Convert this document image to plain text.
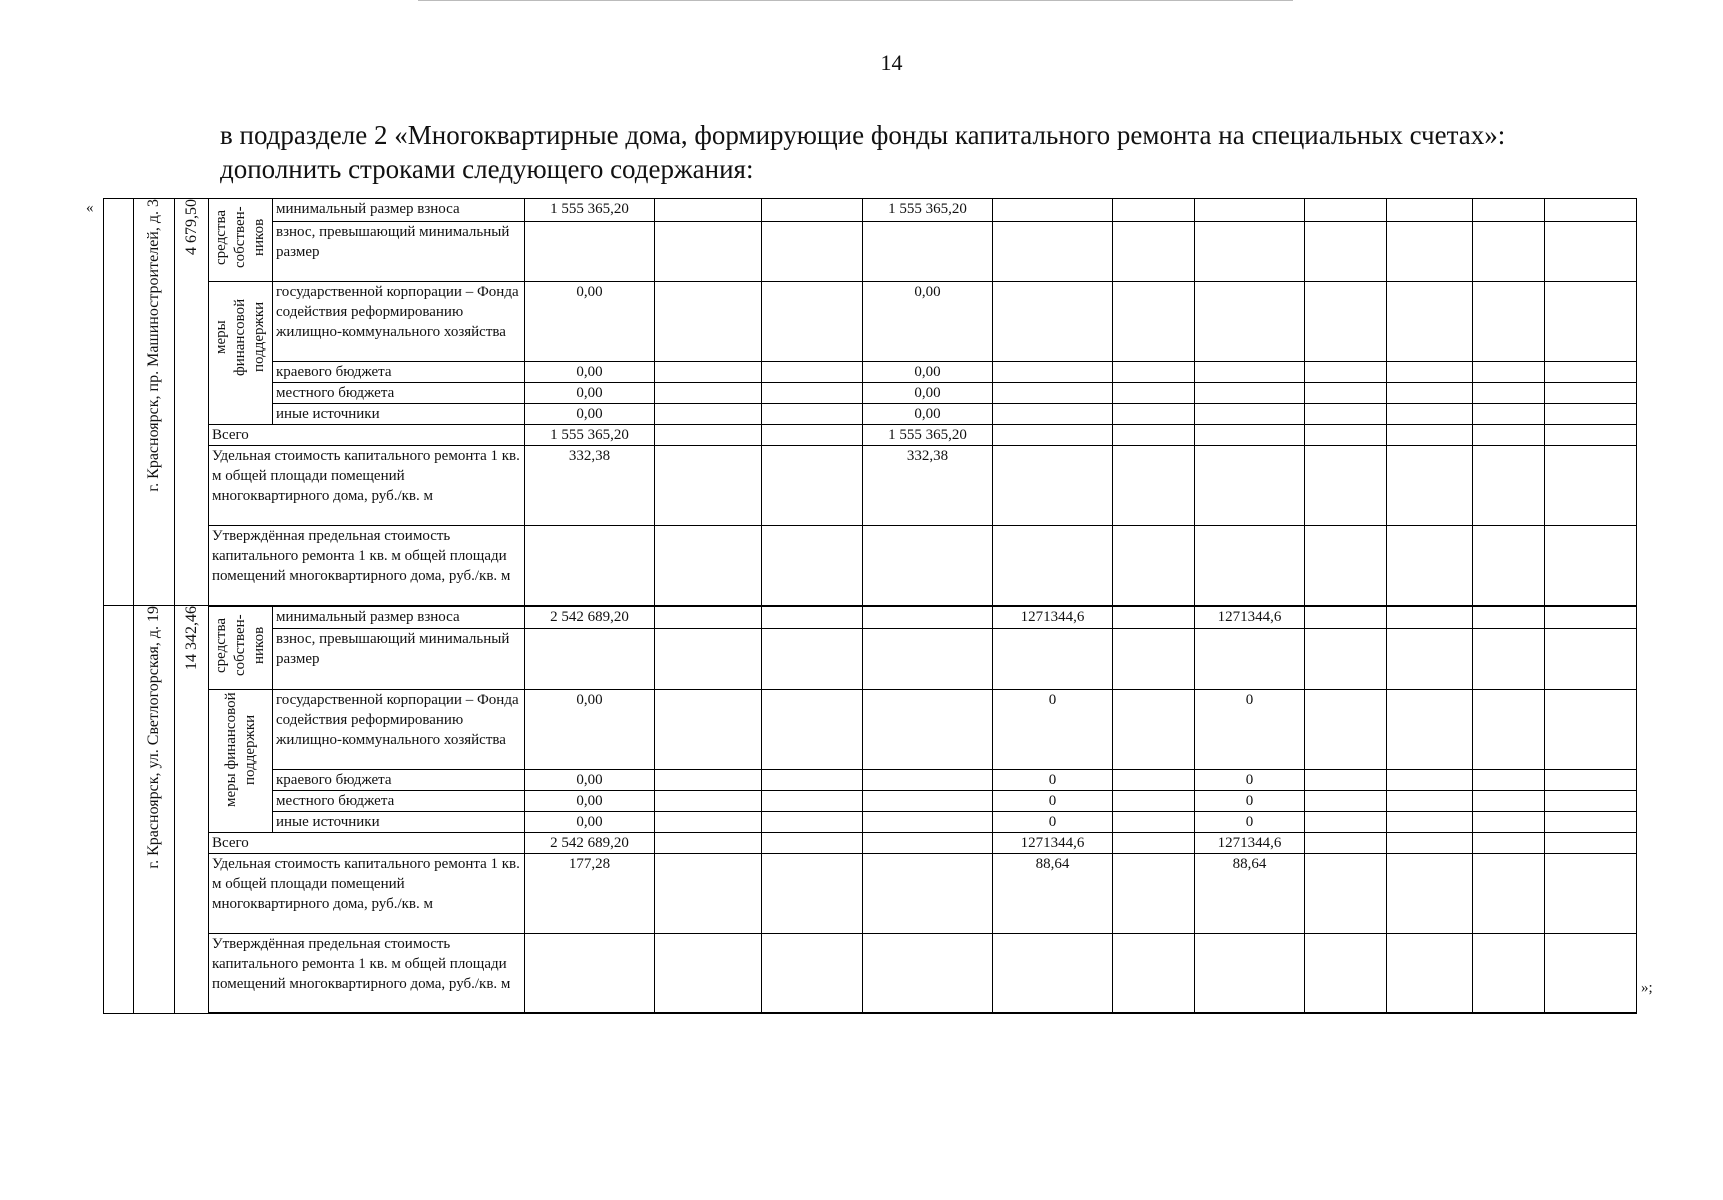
14
в подразделе 2 «Многоквартирные дома, формирующие фонды капитального ремонта на специальных счетах»:
дополнить строками следующего содержания:
«
		г. Красноярск, пр. Машиностроителей, д. 3	4 679,50	средства собствен-ников	минимальный размер взноса	1 555 365,20			1 555 365,20							
				взнос, превышающий минимальный размер											
			меры финансовой поддержки	государственной корпорации – Фонда содействия реформированию жилищно-коммунального хозяйства	0,00			0,00							
				краевого бюджета	0,00			0,00							
				местного бюджета	0,00			0,00							
				иные источники	0,00			0,00							
			Всего		1 555 365,20			1 555 365,20							
			Удельная стоимость капитального ремонта 1 кв. м общей площади помещений многоквартирного дома, руб./кв. м		332,38			332,38							
			Утверждённая предельная стоимость капитального ремонта 1 кв. м общей площади помещений многоквартирного дома, руб./кв. м												
	г. Красноярск, ул. Светлогорская, д. 19	14 342,46	средства собствен-ников	минимальный размер взноса	2 542 689,20				1271344,6		1271344,6				
				взнос, превышающий минимальный размер											
			меры финансовой поддержки	государственной корпорации – Фонда содействия реформированию жилищно-коммунального хозяйства	0,00				0		0				
				краевого бюджета	0,00				0		0				
				местного бюджета	0,00				0		0				
				иные источники	0,00				0		0				
			Всего		2 542 689,20				1271344,6		1271344,6				
			Удельная стоимость капитального ремонта 1 кв. м общей площади помещений многоквартирного дома, руб./кв. м		177,28				88,64		88,64				
			Утверждённая предельная стоимость капитального ремонта 1 кв. м общей площади помещений многоквартирного дома, руб./кв. м													»;
